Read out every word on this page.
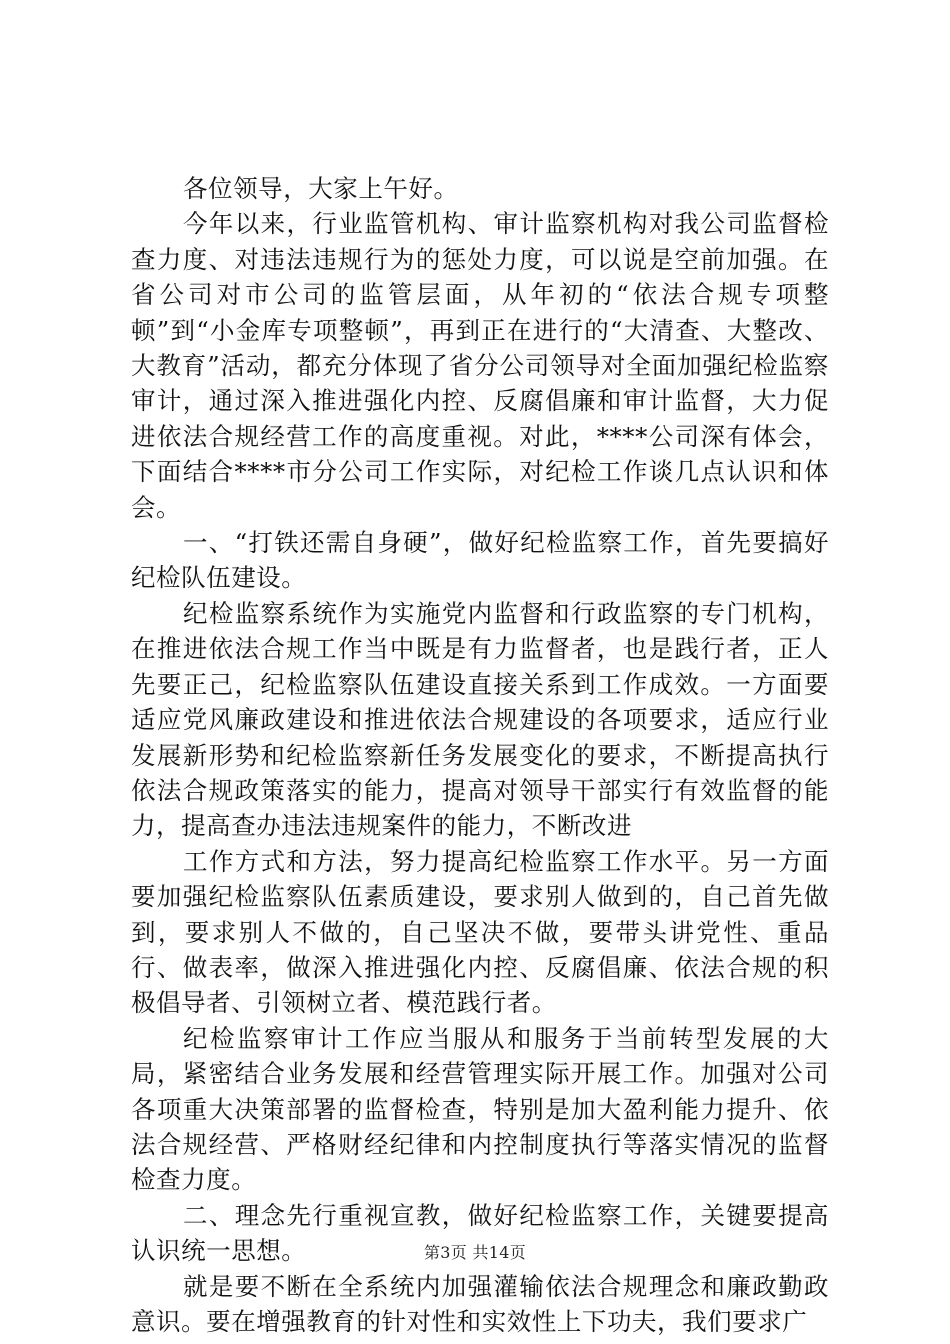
各位领导，大家上午好。

今年以来，行业监管机构、审计监察机构对我公司监督检查力度、对违法违规行为的惩处力度，可以说是空前加强。在省公司对市公司的监管层面，从年初的“依法合规专项整顿”到“小金库专项整顿”，再到正在进行的“大清查、大整改、大教育”活动，都充分体现了省分公司领导对全面加强纪检监察审计，通过深入推进强化内控、反腐倡廉和审计监督，大力促进依法合规经营工作的高度重视。对此，****公司深有体会，下面结合****市分公司工作实际，对纪检工作谈几点认识和体会。

一、“打铁还需自身硬”，做好纪检监察工作，首先要搞好纪检队伍建设。

纪检监察系统作为实施党内监督和行政监察的专门机构，在推进依法合规工作当中既是有力监督者，也是践行者，正人先要正己，纪检监察队伍建设直接关系到工作成效。一方面要适应党风廉政建设和推进依法合规建设的各项要求，适应行业发展新形势和纪检监察新任务发展变化的要求，不断提高执行依法合规政策落实的能力，提高对领导干部实行有效监督的能力，提高查办违法违规案件的能力，不断改进

工作方式和方法，努力提高纪检监察工作水平。另一方面要加强纪检监察队伍素质建设，要求别人做到的，自己首先做到，要求别人不做的，自己坚决不做，要带头讲党性、重品行、做表率，做深入推进强化内控、反腐倡廉、依法合规的积极倡导者、引领树立者、模范践行者。

纪检监察审计工作应当服从和服务于当前转型发展的大局，紧密结合业务发展和经营管理实际开展工作。加强对公司各项重大决策部署的监督检查，特别是加大盈利能力提升、依法合规经营、严格财经纪律和内控制度执行等落实情况的监督检查力度。

二、理念先行重视宣教，做好纪检监察工作，关键要提高认识统一思想。

就是要不断在全系统内加强灌输依法合规理念和廉政勤政意识。要在增强教育的针对性和实效性上下功夫，我们要求广

第3页 共14页
